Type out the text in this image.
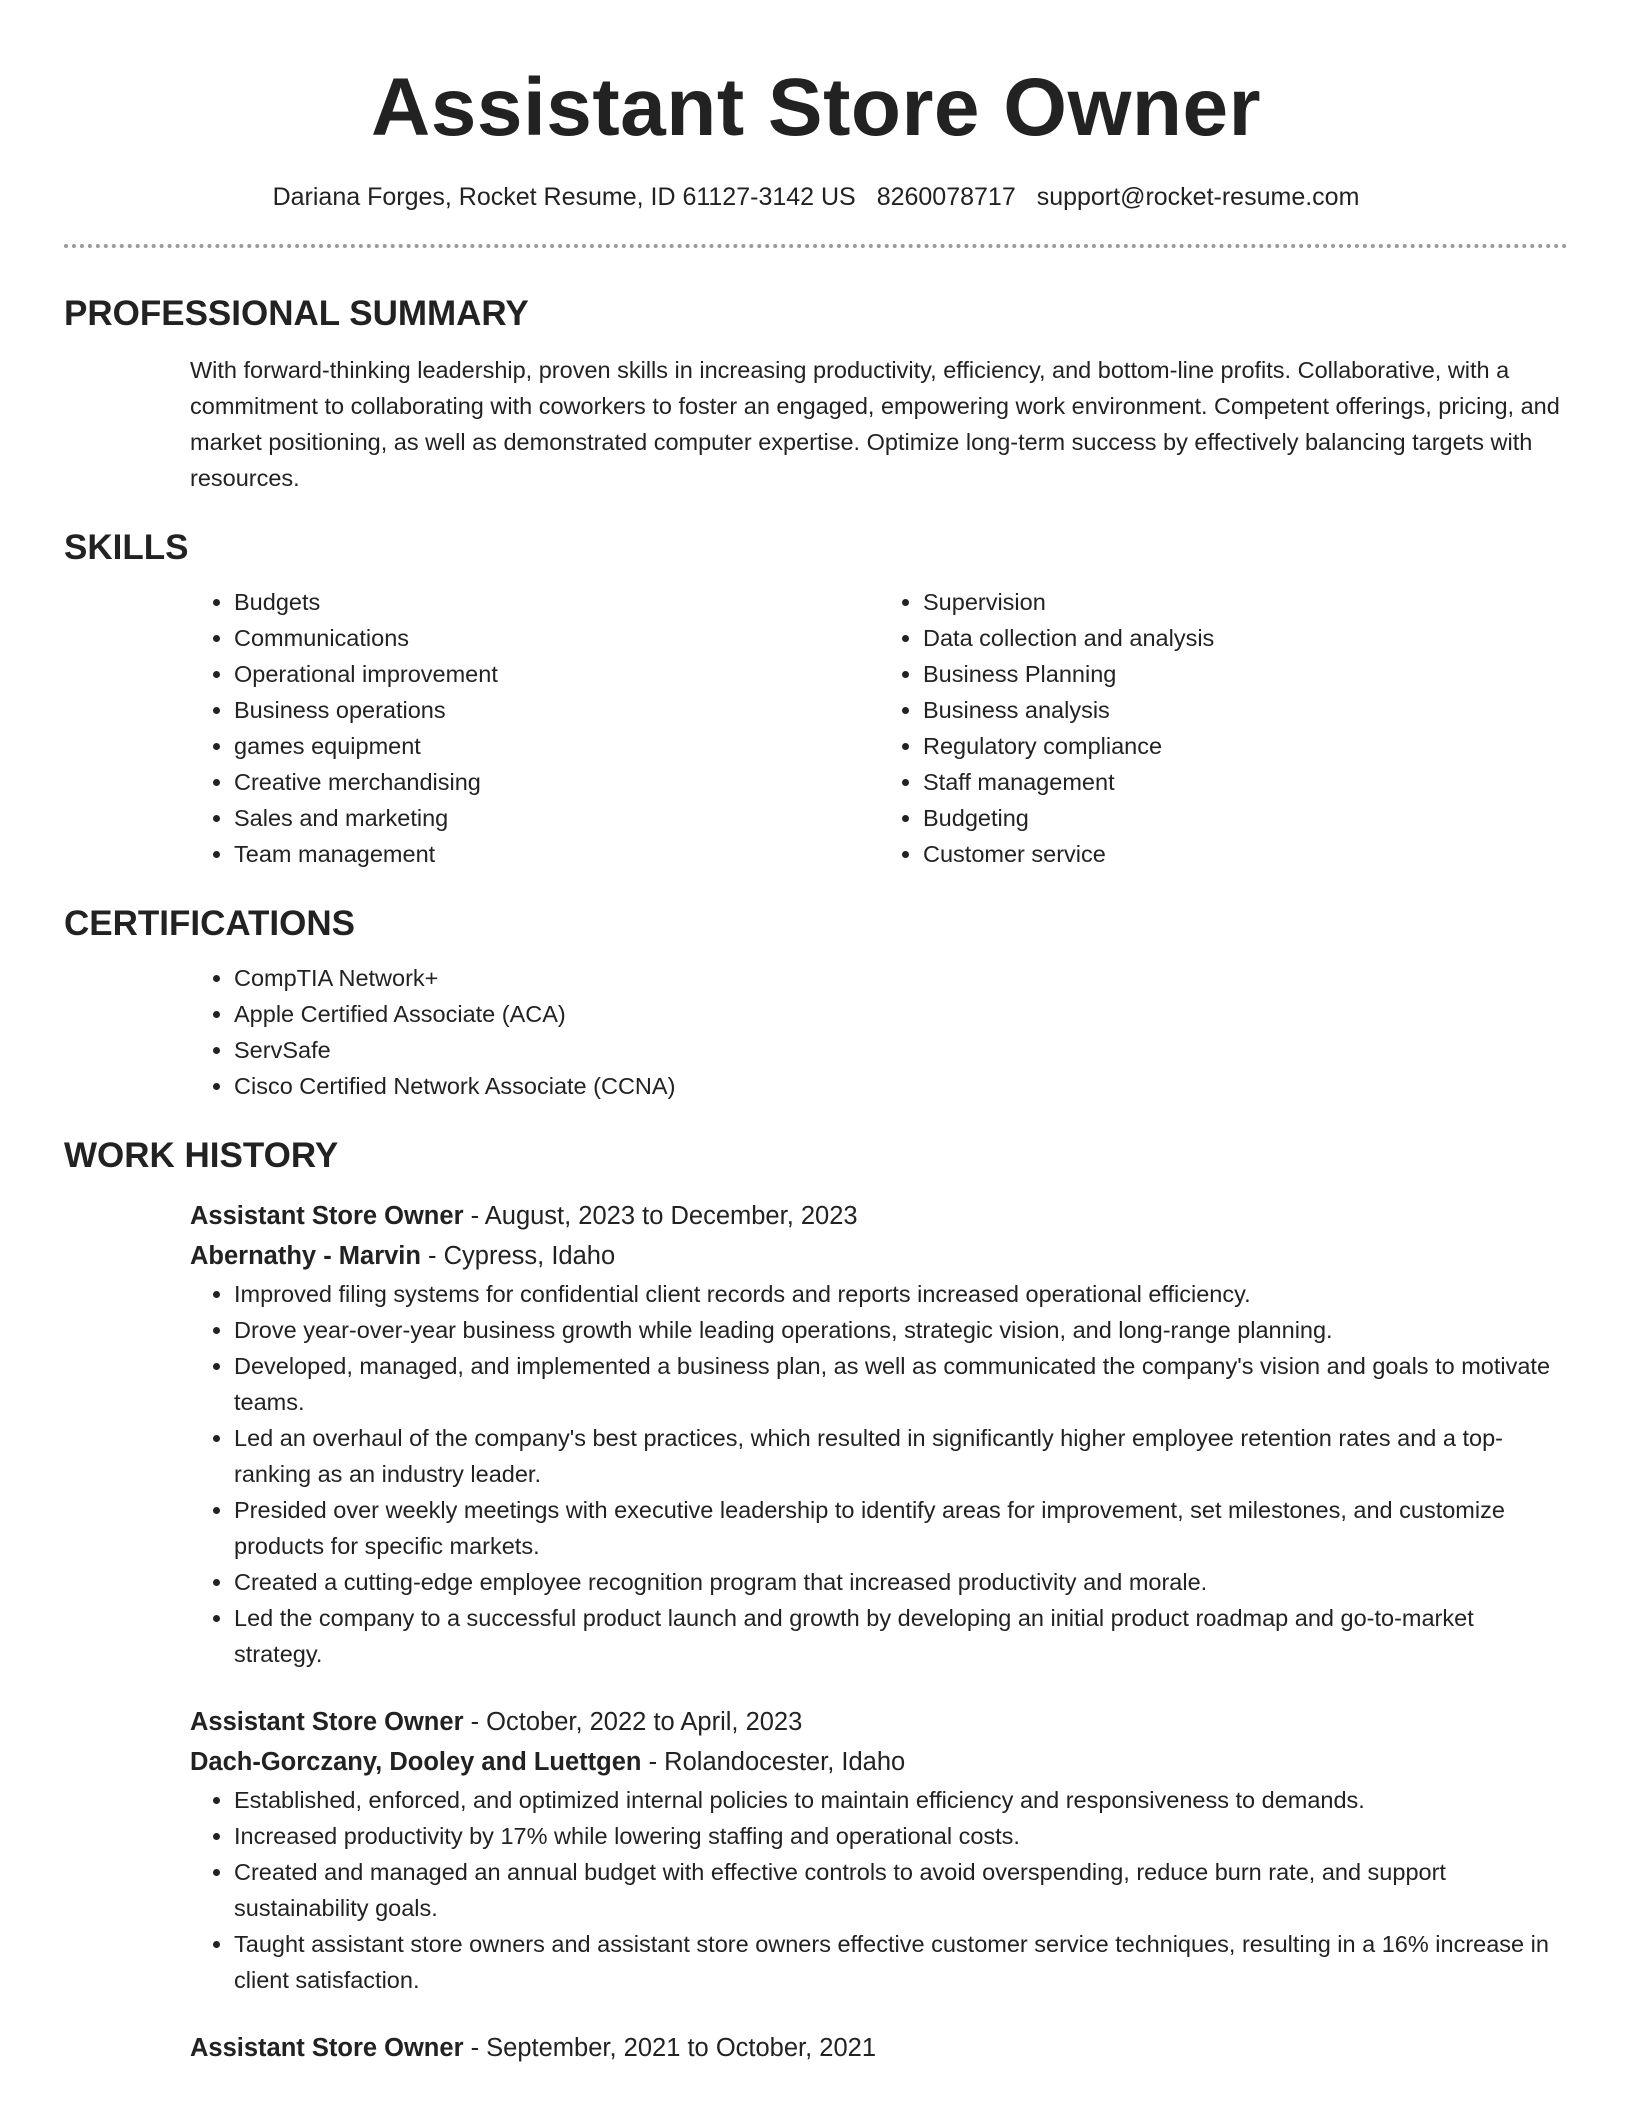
Assistant Store Owner
Dariana Forges, Rocket Resume, ID 61127-3142 US 8260078717 support@rocket-resume.com
PROFESSIONAL SUMMARY
With forward-thinking leadership, proven skills in increasing productivity, efficiency, and bottom-line profits. Collaborative, with a commitment to collaborating with coworkers to foster an engaged, empowering work environment. Competent offerings, pricing, and market positioning, as well as demonstrated computer expertise. Optimize long-term success by effectively balancing targets with resources.
SKILLS
• Budgets
• Communications
• Operational improvement
• Business operations
• games equipment
• Creative merchandising
• Sales and marketing
• Team management
• Supervision
• Data collection and analysis
• Business Planning
• Business analysis
• Regulatory compliance
• Staff management
• Budgeting
• Customer service
CERTIFICATIONS
• CompTIA Network+
• Apple Certified Associate (ACA)
• ServSafe
• Cisco Certified Network Associate (CCNA)
WORK HISTORY
Assistant Store Owner - August, 2023 to December, 2023
Abernathy - Marvin - Cypress, Idaho
• Improved filing systems for confidential client records and reports increased operational efficiency.
• Drove year-over-year business growth while leading operations, strategic vision, and long-range planning.
• Developed, managed, and implemented a business plan, as well as communicated the company's vision and goals to motivate teams.
• Led an overhaul of the company's best practices, which resulted in significantly higher employee retention rates and a top-ranking as an industry leader.
• Presided over weekly meetings with executive leadership to identify areas for improvement, set milestones, and customize products for specific markets.
• Created a cutting-edge employee recognition program that increased productivity and morale.
• Led the company to a successful product launch and growth by developing an initial product roadmap and go-to-market strategy.
Assistant Store Owner - October, 2022 to April, 2023
Dach-Gorczany, Dooley and Luettgen - Rolandocester, Idaho
• Established, enforced, and optimized internal policies to maintain efficiency and responsiveness to demands.
• Increased productivity by 17% while lowering staffing and operational costs.
• Created and managed an annual budget with effective controls to avoid overspending, reduce burn rate, and support sustainability goals.
• Taught assistant store owners and assistant store owners effective customer service techniques, resulting in a 16% increase in client satisfaction.
Assistant Store Owner - September, 2021 to October, 2021
